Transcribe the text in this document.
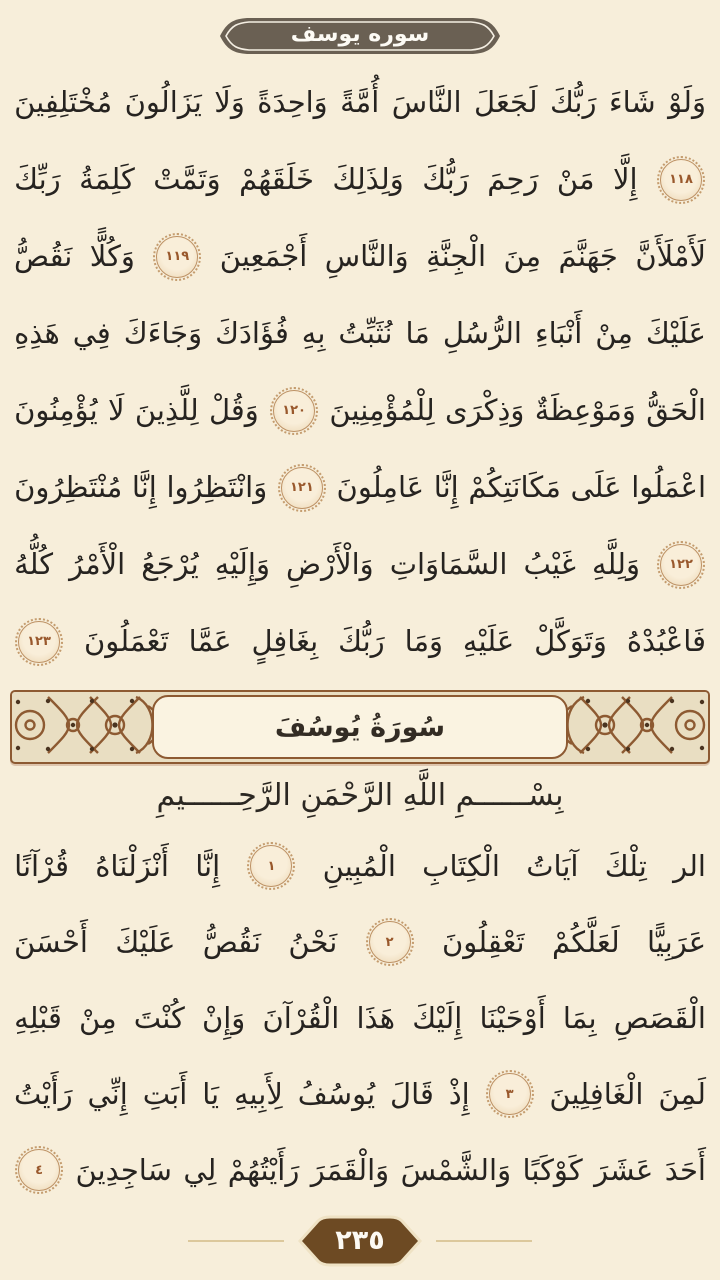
سوره يوسف
وَلَوْ
شَاءَ
رَبُّكَ
لَجَعَلَ
النَّاسَ
أُمَّةً
وَاحِدَةً
وَلَا
يَزَالُونَ
مُخْتَلِفِينَ
١١٨
إِلَّا
مَنْ
رَحِمَ
رَبُّكَ
وَلِذَلِكَ
خَلَقَهُمْ
وَتَمَّتْ
كَلِمَةُ
رَبِّكَ
لَأَمْلَأَنَّ
جَهَنَّمَ
مِنَ
الْجِنَّةِ
وَالنَّاسِ
أَجْمَعِينَ
١١٩
وَكُلًّا
نَقُصُّ
عَلَيْكَ
مِنْ
أَنْبَاءِ
الرُّسُلِ
مَا
نُثَبِّتُ
بِهِ
فُؤَادَكَ
وَجَاءَكَ
فِي
هَذِهِ
الْحَقُّ
وَمَوْعِظَةٌ
وَذِكْرَى
لِلْمُؤْمِنِينَ
١٢٠
وَقُلْ
لِلَّذِينَ
لَا
يُؤْمِنُونَ
اعْمَلُوا
عَلَى
مَكَانَتِكُمْ
إِنَّا
عَامِلُونَ
١٢١
وَانْتَظِرُوا
إِنَّا
مُنْتَظِرُونَ
١٢٢
وَلِلَّهِ
غَيْبُ
السَّمَاوَاتِ
وَالْأَرْضِ
وَإِلَيْهِ
يُرْجَعُ
الْأَمْرُ
كُلُّهُ
فَاعْبُدْهُ
وَتَوَكَّلْ
عَلَيْهِ
وَمَا
رَبُّكَ
بِغَافِلٍ
عَمَّا
تَعْمَلُونَ
١٢٣
سُورَةُ يُوسُفَ
بِسْــــــمِ اللَّهِ الرَّحْمَنِ الرَّحِــــــيمِ
الر
تِلْكَ
آيَاتُ
الْكِتَابِ
الْمُبِينِ
١
إِنَّا
أَنْزَلْنَاهُ
قُرْآنًا
عَرَبِيًّا
لَعَلَّكُمْ
تَعْقِلُونَ
٢
نَحْنُ
نَقُصُّ
عَلَيْكَ
أَحْسَنَ
الْقَصَصِ
بِمَا
أَوْحَيْنَا
إِلَيْكَ
هَذَا
الْقُرْآنَ
وَإِنْ
كُنْتَ
مِنْ
قَبْلِهِ
لَمِنَ
الْغَافِلِينَ
٣
إِذْ
قَالَ
يُوسُفُ
لِأَبِيهِ
يَا
أَبَتِ
إِنِّي
رَأَيْتُ
أَحَدَ
عَشَرَ
كَوْكَبًا
وَالشَّمْسَ
وَالْقَمَرَ
رَأَيْتُهُمْ
لِي
سَاجِدِينَ
٤
٢٣٥
